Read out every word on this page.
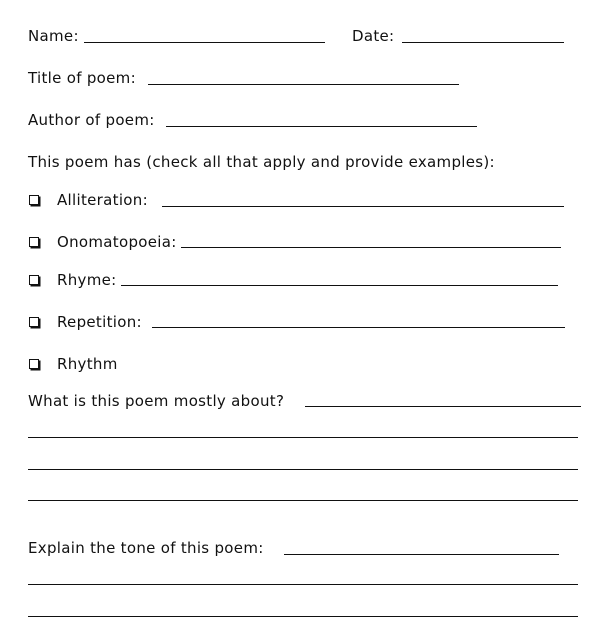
Name:	Date:
Title of poem:
Author of poem:
This poem has (check all that apply and provide examples):
Alliteration:
Onomatopoeia:
Rhyme:
Repetition:
Rhythm
What is this poem mostly about?
Explain the tone of this poem:
